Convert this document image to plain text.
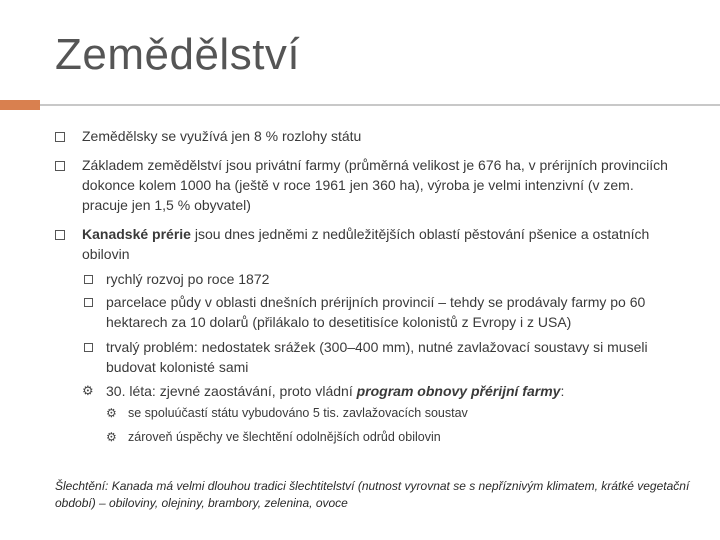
Zemědělství
Zemědělsky se využívá jen 8 % rozlohy státu
Základem zemědělství jsou privátní farmy (průměrná velikost je 676 ha, v prérijních provinciích dokonce kolem 1000 ha (ještě v roce 1961 jen 360 ha), výroba je velmi intenzivní (v zem. pracuje jen 1,5 % obyvatel)
Kanadské prérie jsou dnes jedněmi z nedůležitějších oblastí pěstování pšenice a ostatních obilovin
rychlý rozvoj po roce 1872
parcelace půdy v oblasti dnešních prérijních provincií – tehdy se prodávaly farmy po 60 hektarech za 10 dolarů (přilákalo to desetitisíce kolonistů z Evropy i z USA)
trvalý problém: nedostatek srážek (300–400 mm), nutné zavlažovací soustavy si museli budovat kolonisté sami
⚙ 30. léta: zjevné zaostávání, proto vládní program obnovy přérijní farmy:
⚙ se spoluúčastí státu vybudováno 5 tis. zavlažovacích soustav
⚙ zároveň úspěchy ve šlechtění odolnějších odrůd obilovin
Šlechtění: Kanada má velmi dlouhou tradici šlechtitelství (nutnost vyrovnat se s nepříznivým klimatem, krátké vegetační období) – obiloviny, olejniny, brambory, zelenina, ovoce
